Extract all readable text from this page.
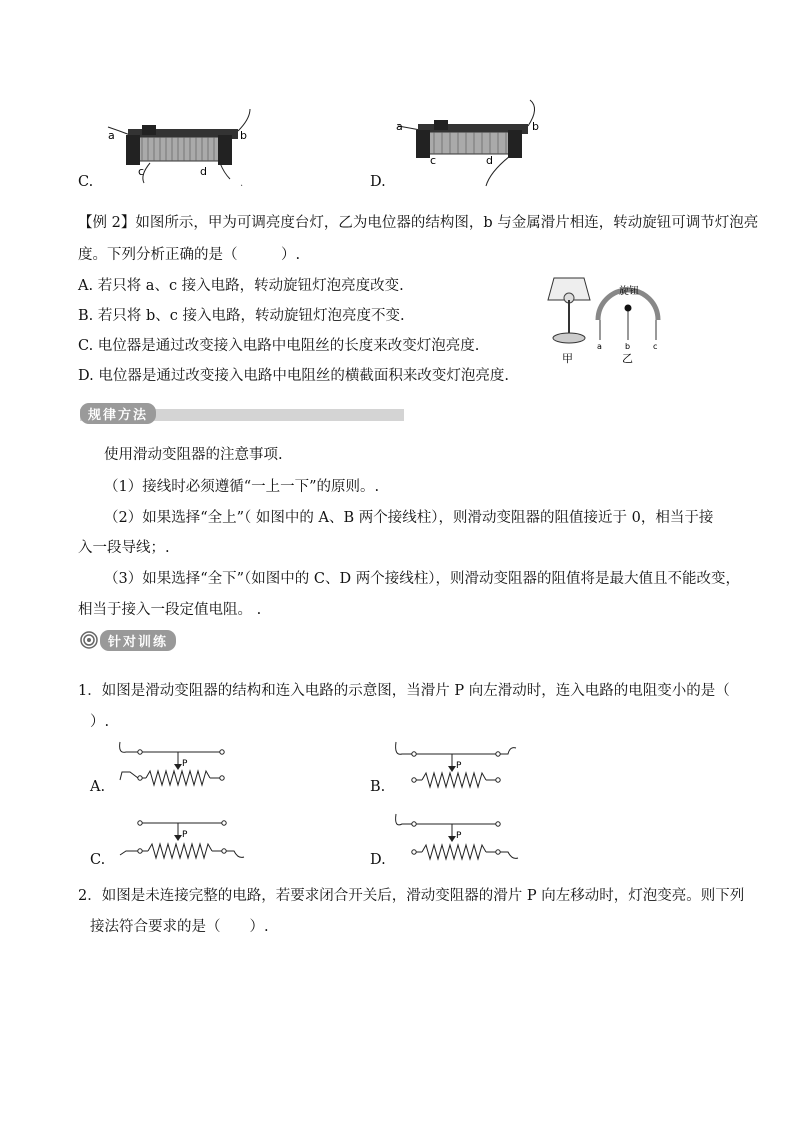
a	b
c	d
C.	.
a	b
c	d
D.
【例 2】如图所示，甲为可调亮度台灯，乙为电位器的结构图，b 与金属滑片相连，转动旋钮可调节灯泡亮
度。下列分析正确的是（　　　）.
A. 若只将 a、c 接入电路，转动旋钮灯泡亮度改变.
B. 若只将 b、c 接入电路，转动旋钮灯泡亮度不变.
C. 电位器是通过改变接入电路中电阻丝的长度来改变灯泡亮度.
D. 电位器是通过改变接入电路中电阻丝的横截面积来改变灯泡亮度.
甲
旋钮
a	b	c
乙
规律方法
使用滑动变阻器的注意事项.
（1）接线时必须遵循“一上一下”的原则。.
（2）如果选择“全上”（ 如图中的 A、B 两个接线柱），则滑动变阻器的阻值接近于 0，相当于接
入一段导线；.
（3）如果选择“全下”（如图中的 C、D 两个接线柱），则滑动变阻器的阻值将是最大值且不能改变，
相当于接入一段定值电阻。 .
针对训练
1．如图是滑动变阻器的结构和连入电路的示意图，当滑片 P 向左滑动时，连入电路的电阻变小的是（
）.
P
A.
P
B.
P
C.
P
D.
2．如图是未连接完整的电路，若要求闭合开关后，滑动变阻器的滑片 P 向左移动时，灯泡变亮。则下列
接法符合要求的是（　　）.
